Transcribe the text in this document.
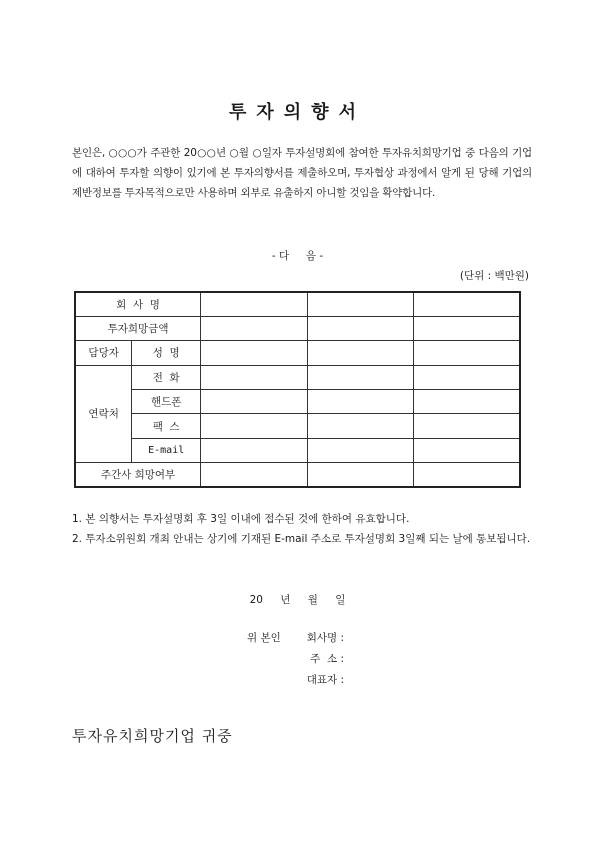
투자의향서
본인은, ○○○가 주관한 20○○년 ○월 ○일자 투자설명회에 참여한 투자유치희망기업 중 다음의 기업에 대하여 투자할 의향이 있기에 본 투자의향서를 제출하오며, 투자협상 과정에서 알게 된 당해 기업의 제반정보를 투자목적으로만 사용하며 외부로 유출하지 아니할 것임을 확약합니다.
- 다     음 -
(단위 : 백만원)
회  사  명				
투자희망금액				
담당자	성  명			
연락처	전  화			
	핸드폰			
	팩  스			
	E-mail			
주간사 희망여부				
1. 본 의향서는 투자설명회 후 3일 이내에 접수된 것에 한하여 유효합니다.
2. 투자소위원회 개최 안내는 상기에 기재된 E-mail 주소로 투자설명회 3일째 되는 날에 통보됩니다.
20 년 월 일
위 본인	회사명 :
주  소 :
대표자 :
투자유치희망기업 귀중
